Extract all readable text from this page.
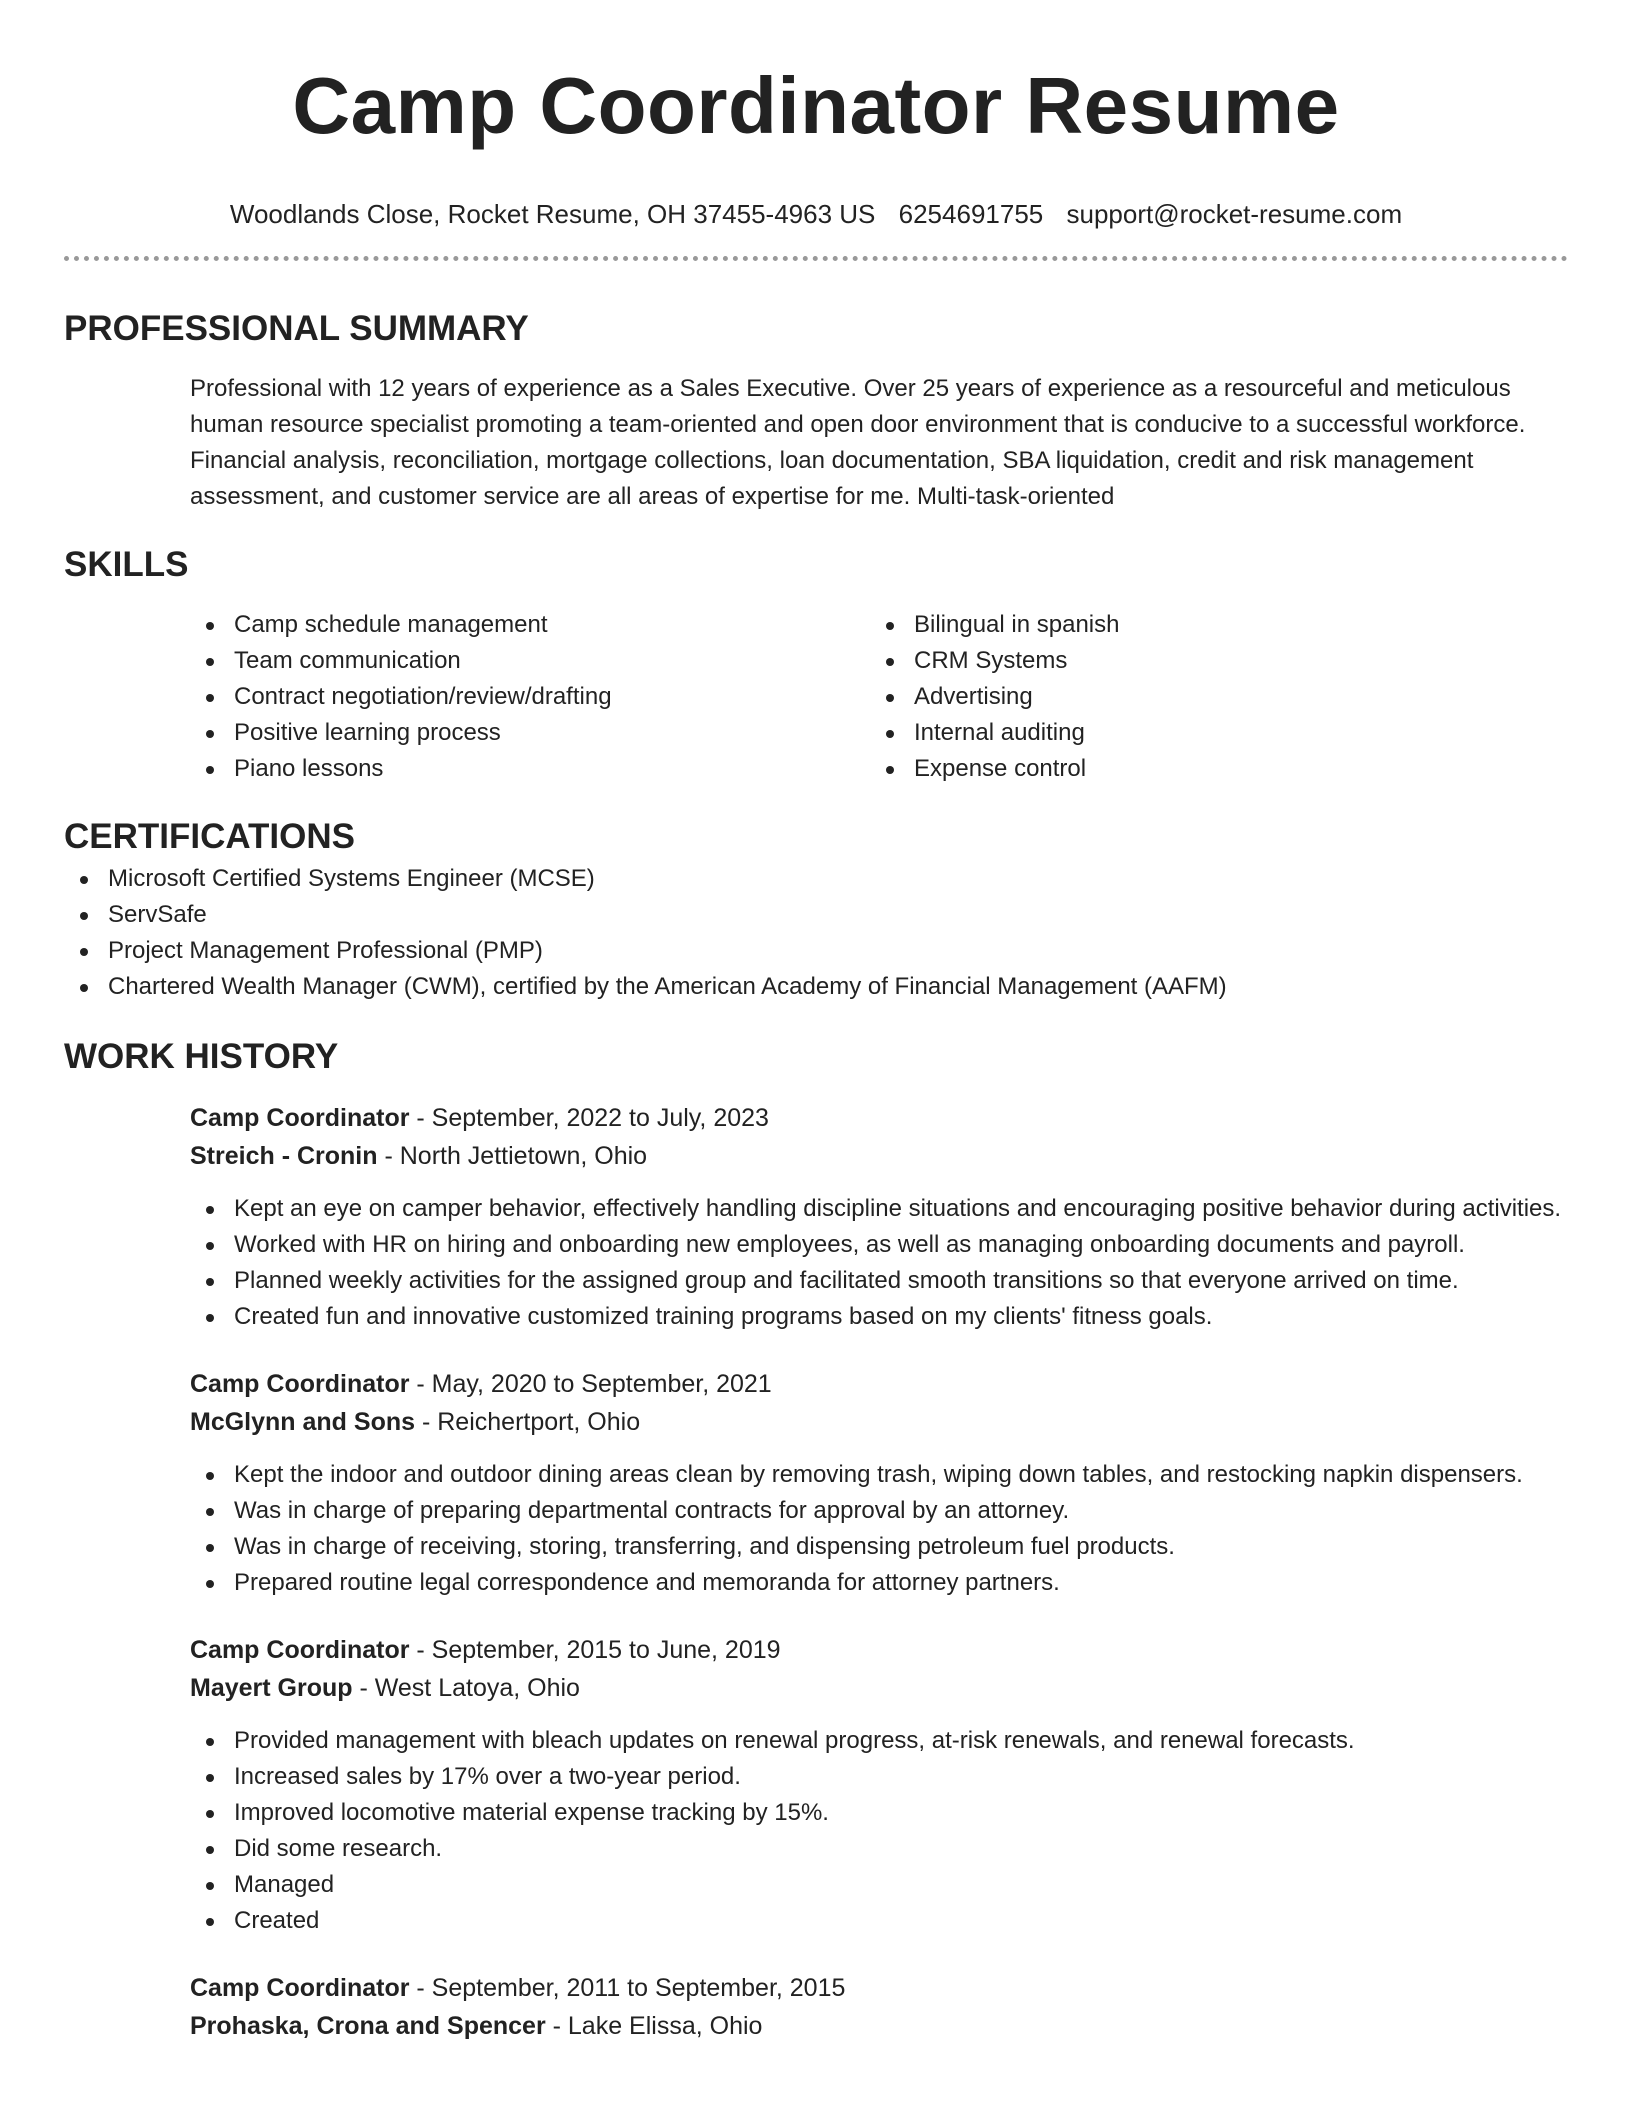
Camp Coordinator Resume
Woodlands Close, Rocket Resume, OH 37455-4963 US 6254691755 support@rocket-resume.com
PROFESSIONAL SUMMARY

Professional with 12 years of experience as a Sales Executive. Over 25 years of experience as a resourceful and meticulous human resource specialist promoting a team-oriented and open door environment that is conducive to a successful workforce. Financial analysis, reconciliation, mortgage collections, loan documentation, SBA liquidation, credit and risk management assessment, and customer service are all areas of expertise for me. Multi-task-oriented

SKILLS
Camp schedule management
Team communication
Contract negotiation/review/drafting
Positive learning process
Piano lessons
Bilingual in spanish
CRM Systems
Advertising
Internal auditing
Expense control
CERTIFICATIONS
Microsoft Certified Systems Engineer (MCSE)
ServSafe
Project Management Professional (PMP)
Chartered Wealth Manager (CWM), certified by the American Academy of Financial Management (AAFM)
WORK HISTORY
Camp Coordinator - September, 2022 to July, 2023
Streich - Cronin - North Jettietown, Ohio
Kept an eye on camper behavior, effectively handling discipline situations and encouraging positive behavior during activities.
Worked with HR on hiring and onboarding new employees, as well as managing onboarding documents and payroll.
Planned weekly activities for the assigned group and facilitated smooth transitions so that everyone arrived on time.
Created fun and innovative customized training programs based on my clients' fitness goals.
Camp Coordinator - May, 2020 to September, 2021
McGlynn and Sons - Reichertport, Ohio
Kept the indoor and outdoor dining areas clean by removing trash, wiping down tables, and restocking napkin dispensers.
Was in charge of preparing departmental contracts for approval by an attorney.
Was in charge of receiving, storing, transferring, and dispensing petroleum fuel products.
Prepared routine legal correspondence and memoranda for attorney partners.
Camp Coordinator - September, 2015 to June, 2019
Mayert Group - West Latoya, Ohio
Provided management with bleach updates on renewal progress, at-risk renewals, and renewal forecasts.
Increased sales by 17% over a two-year period.
Improved locomotive material expense tracking by 15%.
Did some research.
Managed
Created
Camp Coordinator - September, 2011 to September, 2015
Prohaska, Crona and Spencer - Lake Elissa, Ohio
